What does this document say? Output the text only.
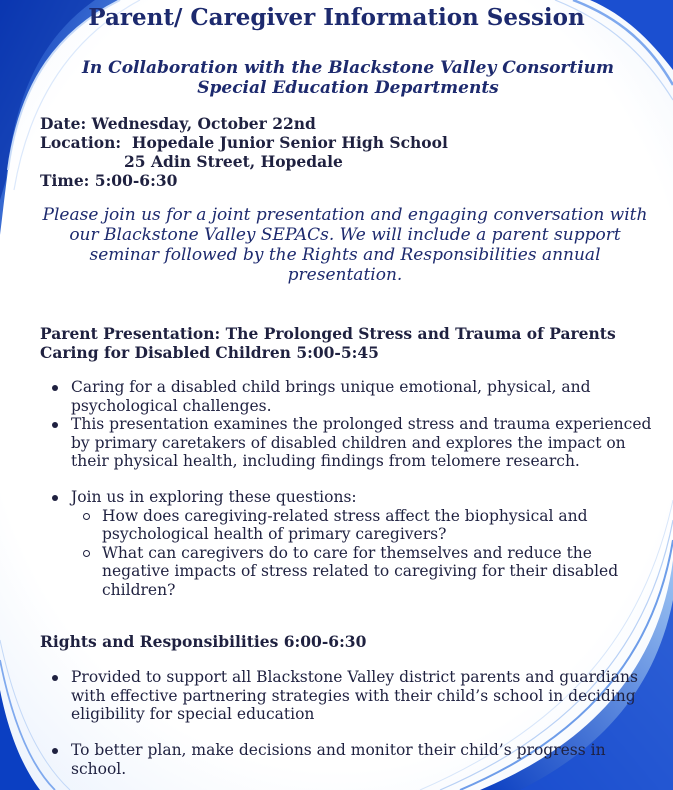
Parent/ Caregiver Information Session

In Collaboration with the Blackstone Valley Consortium Special Education Departments

Date: Wednesday, October 22nd
Location:  Hopedale Junior Senior High School
25 Adin Street, Hopedale
Time: 5:00-6:30

Please join us for a joint presentation and engaging conversation with our Blackstone Valley SEPACs. We will include a parent support seminar followed by the Rights and Responsibilities annual presentation.

Parent Presentation: The Prolonged Stress and Trauma of Parents Caring for Disabled Children 5:00-5:45

Caring for a disabled child brings unique emotional, physical, and psychological challenges.
This presentation examines the prolonged stress and trauma experienced by primary caretakers of disabled children and explores the impact on their physical health, including findings from telomere research.
Join us in exploring these questions:
How does caregiving-related stress affect the biophysical and psychological health of primary caregivers?
What can caregivers do to care for themselves and reduce the negative impacts of stress related to caregiving for their disabled children?

Rights and Responsibilities 6:00-6:30

Provided to support all Blackstone Valley district parents and guardians with effective partnering strategies with their child’s school in deciding eligibility for special education
To better plan, make decisions and monitor their child’s progress in school.
